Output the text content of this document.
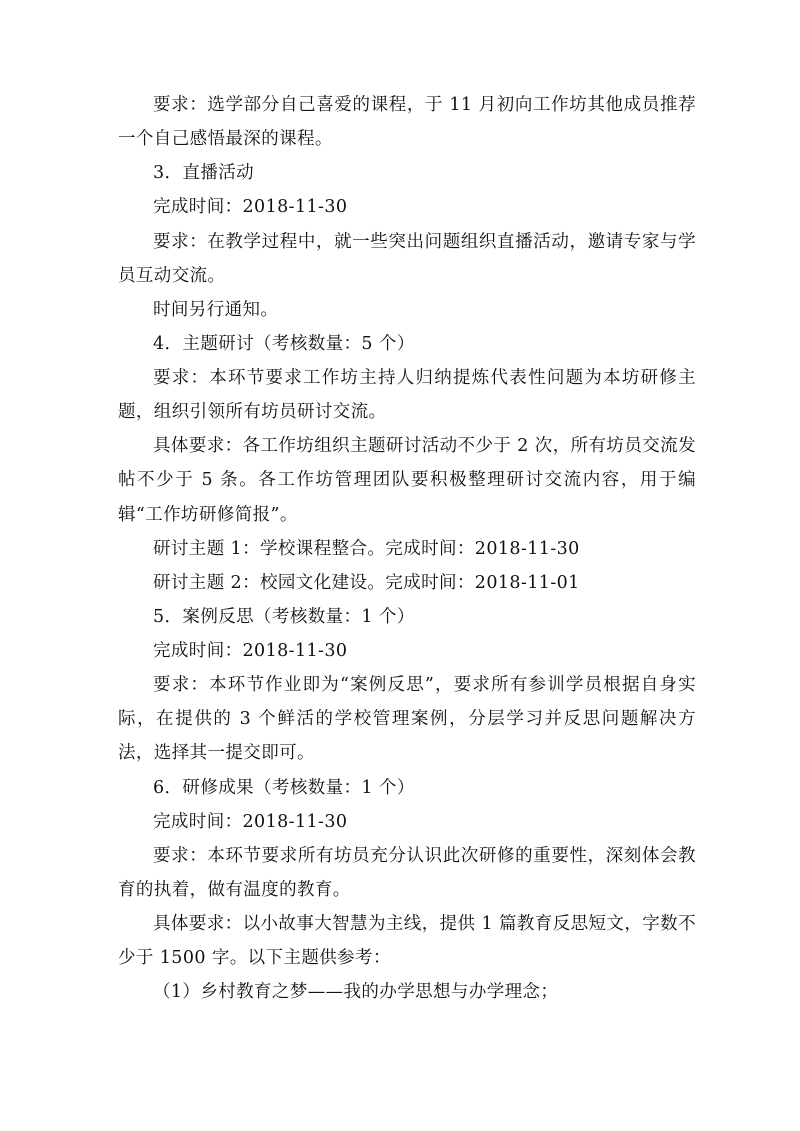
要求：选学部分自己喜爱的课程，于 11 月初向工作坊其他成员推荐一个自己感悟最深的课程。

3．直播活动

完成时间：2018-11-30

要求：在教学过程中，就一些突出问题组织直播活动，邀请专家与学员互动交流。

时间另行通知。

4．主题研讨（考核数量：5 个）

要求：本环节要求工作坊主持人归纳提炼代表性问题为本坊研修主题，组织引领所有坊员研讨交流。

具体要求：各工作坊组织主题研讨活动不少于 2 次，所有坊员交流发帖不少于 5 条。各工作坊管理团队要积极整理研讨交流内容，用于编辑“工作坊研修简报”。

研讨主题 1：学校课程整合。完成时间：2018-11-30

研讨主题 2：校园文化建设。完成时间：2018-11-01

5．案例反思（考核数量：1 个）

完成时间：2018-11-30

要求：本环节作业即为“案例反思”，要求所有参训学员根据自身实际，在提供的 3 个鲜活的学校管理案例，分层学习并反思问题解决方法，选择其一提交即可。

6．研修成果（考核数量：1 个）

完成时间：2018-11-30

要求：本环节要求所有坊员充分认识此次研修的重要性，深刻体会教育的执着，做有温度的教育。

具体要求：以小故事大智慧为主线，提供 1 篇教育反思短文，字数不少于 1500 字。以下主题供参考：

（1）乡村教育之梦——我的办学思想与办学理念；
